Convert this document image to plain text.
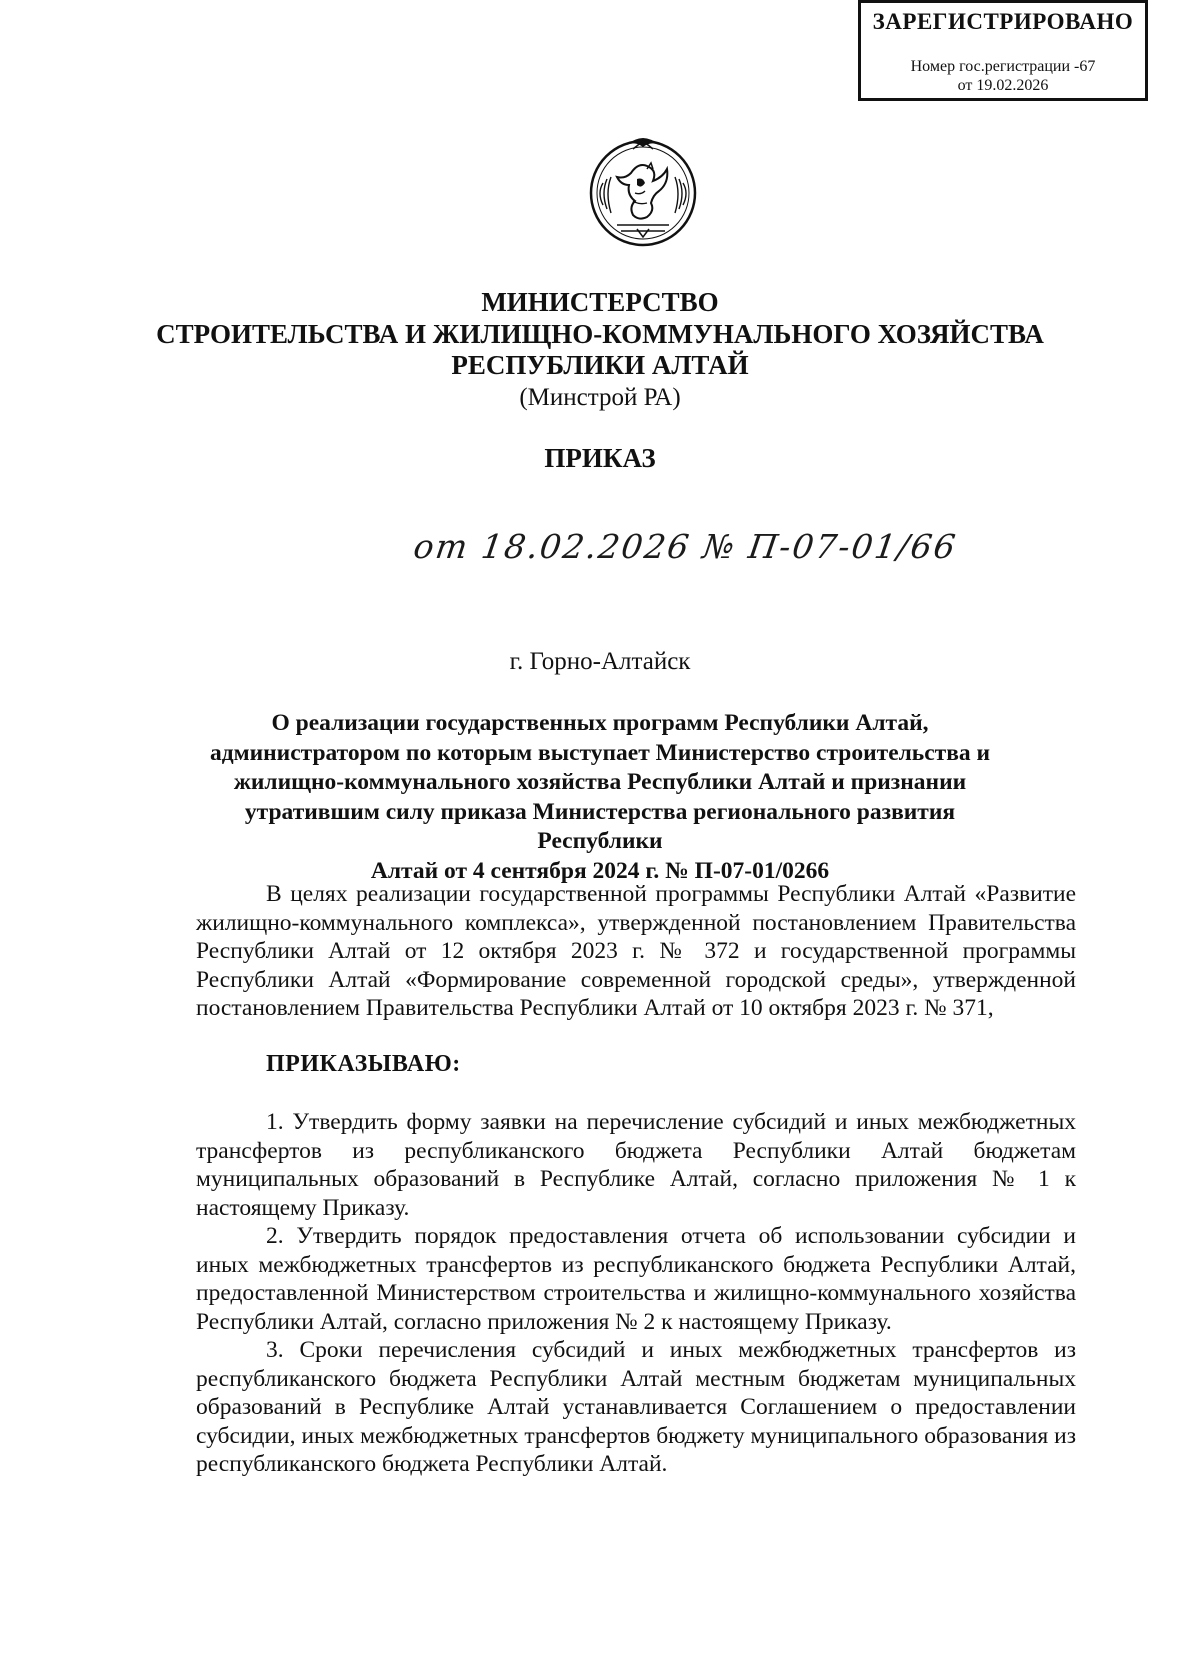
ЗАРЕГИСТРИРОВАНО
Номер гос.регистрации -67
от 19.02.2026
МИНИСТЕРСТВО
СТРОИТЕЛЬСТВА И ЖИЛИЩНО-КОММУНАЛЬНОГО ХОЗЯЙСТВА
РЕСПУБЛИКИ АЛТАЙ
(Минстрой РА)
ПРИКАЗ
от 18.02.2026 № П-07-01/66
г. Горно-Алтайск
О реализации государственных программ Республики Алтай,
администратором по которым выступает Министерство строительства и
жилищно-коммунального хозяйства Республики Алтай и признании
утратившим силу приказа Министерства регионального развития Республики
Алтай от 4 сентября 2024 г. № П-07-01/0266

В целях реализации государственной программы Республики Алтай «Развитие жилищно-коммунального комплекса», утвержденной постановлением Правительства Республики Алтай от 12 октября 2023 г. № 372 и государственной программы Республики Алтай «Формирование современной городской среды», утвержденной постановлением Правительства Республики Алтай от 10 октября 2023 г. № 371,

ПРИКАЗЫВАЮ:

1. Утвердить форму заявки на перечисление субсидий и иных межбюджетных трансфертов из республиканского бюджета Республики Алтай бюджетам муниципальных образований в Республике Алтай, согласно приложения № 1 к настоящему Приказу.

2. Утвердить порядок предоставления отчета об использовании субсидии и иных межбюджетных трансфертов из республиканского бюджета Республики Алтай, предоставленной Министерством строительства и жилищно-коммунального хозяйства Республики Алтай, согласно приложения № 2 к настоящему Приказу.

3. Сроки перечисления субсидий и иных межбюджетных трансфертов из республиканского бюджета Республики Алтай местным бюджетам муниципальных образований в Республике Алтай устанавливается Соглашением о предоставлении субсидии, иных межбюджетных трансфертов бюджету муниципального образования из республиканского бюджета Республики Алтай.
